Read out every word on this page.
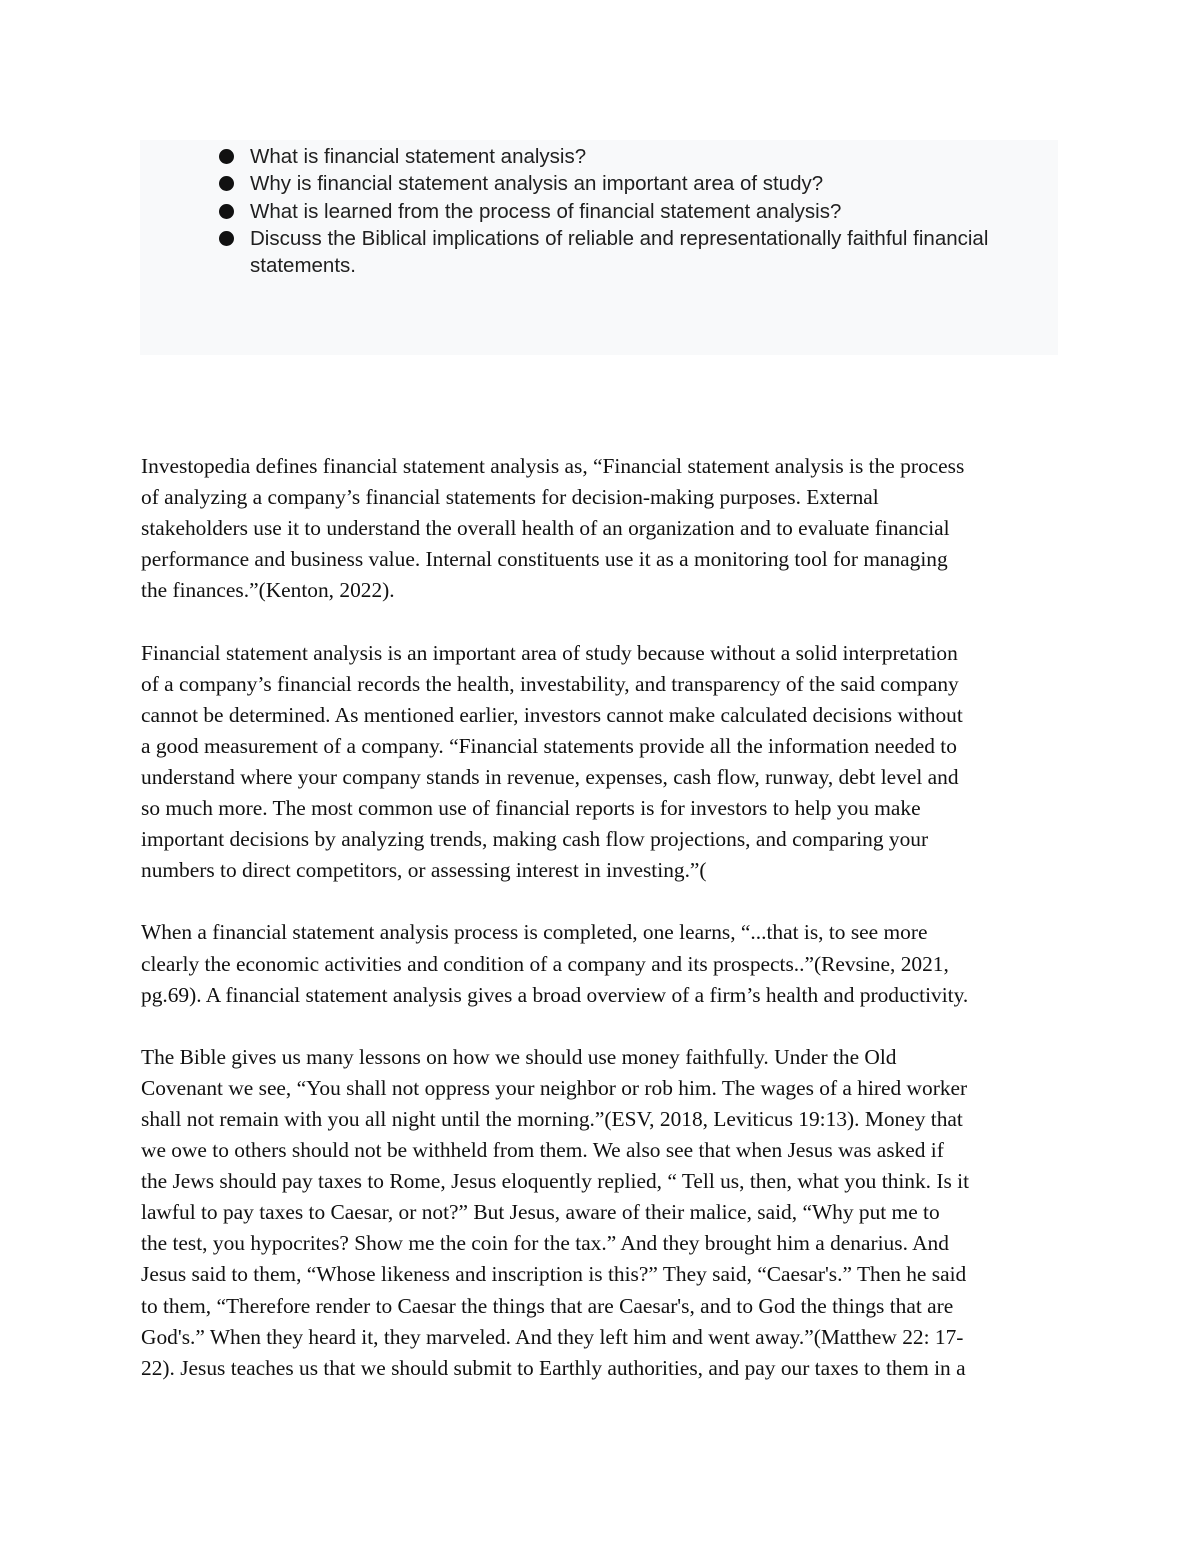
What is financial statement analysis?
Why is financial statement analysis an important area of study?
What is learned from the process of financial statement analysis?
Discuss the Biblical implications of reliable and representationally faithful financial statements.

Investopedia defines financial statement analysis as, “Financial statement analysis is the process
of analyzing a company’s financial statements for decision-making purposes. External
stakeholders use it to understand the overall health of an organization and to evaluate financial
performance and business value. Internal constituents use it as a monitoring tool for managing
the finances.”(Kenton, 2022).

Financial statement analysis is an important area of study because without a solid interpretation
of a company’s financial records the health, investability, and transparency of the said company
cannot be determined. As mentioned earlier, investors cannot make calculated decisions without
a good measurement of a company. “Financial statements provide all the information needed to
understand where your company stands in revenue, expenses, cash flow, runway, debt level and
so much more. The most common use of financial reports is for investors to help you make
important decisions by analyzing trends, making cash flow projections, and comparing your
numbers to direct competitors, or assessing interest in investing.”(

When a financial statement analysis process is completed, one learns, “...that is, to see more
clearly the economic activities and condition of a company and its prospects..”(Revsine, 2021,
pg.69). A financial statement analysis gives a broad overview of a firm’s health and productivity.

The Bible gives us many lessons on how we should use money faithfully. Under the Old
Covenant we see, “You shall not oppress your neighbor or rob him. The wages of a hired worker
shall not remain with you all night until the morning.”(ESV, 2018, Leviticus 19:13). Money that
we owe to others should not be withheld from them. We also see that when Jesus was asked if
the Jews should pay taxes to Rome, Jesus eloquently replied, “ Tell us, then, what you think. Is it
lawful to pay taxes to Caesar, or not?” But Jesus, aware of their malice, said, “Why put me to
the test, you hypocrites? Show me the coin for the tax.” And they brought him a denarius. And
Jesus said to them, “Whose likeness and inscription is this?” They said, “Caesar's.” Then he said
to them, “Therefore render to Caesar the things that are Caesar's, and to God the things that are
God's.” When they heard it, they marveled. And they left him and went away.”(Matthew 22: 17-
22). Jesus teaches us that we should submit to Earthly authorities, and pay our taxes to them in a
